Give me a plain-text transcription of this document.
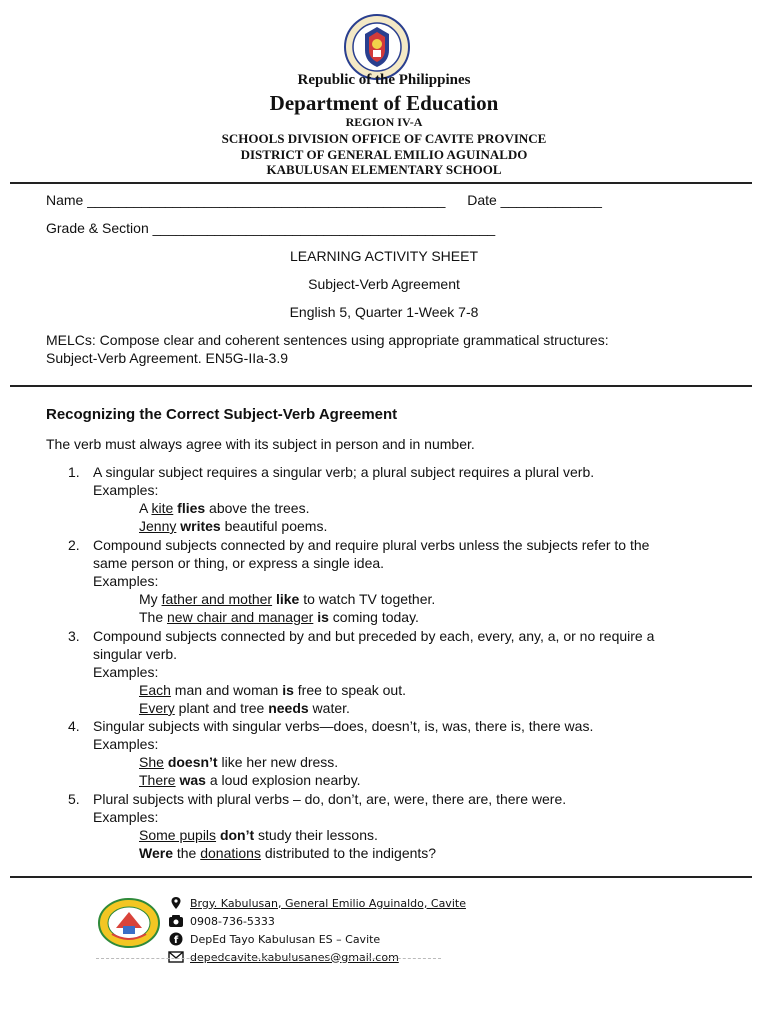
Republic of the Philippines
Department of Education
REGION IV-A
SCHOOLS DIVISION OFFICE OF CAVITE PROVINCE
DISTRICT OF GENERAL EMILIO AGUINALDO
KABULUSAN ELEMENTARY SCHOOL
Name ______________________________________________ Date _____________
Grade & Section ____________________________________________
LEARNING ACTIVITY SHEET
Subject-Verb Agreement
English 5, Quarter 1-Week 7-8
MELCs: Compose clear and coherent sentences using appropriate grammatical structures:
Subject-Verb Agreement. EN5G-IIa-3.9
Recognizing the Correct Subject-Verb Agreement
The verb must always agree with its subject in person and in number.
1. A singular subject requires a singular verb; a plural subject requires a plural verb.
Examples:
A kite flies above the trees.
Jenny writes beautiful poems.
2. Compound subjects connected by and require plural verbs unless the subjects refer to the
same person or thing, or express a single idea.
Examples:
My father and mother like to watch TV together.
The new chair and manager is coming today.
3. Compound subjects connected by and but preceded by each, every, any, a, or no require a
singular verb.
Examples:
Each man and woman is free to speak out.
Every plant and tree needs water.
4. Singular subjects with singular verbs—does, doesn’t, is, was, there is, there was.
Examples:
She doesn’t like her new dress.
There was a loud explosion nearby.
5. Plural subjects with plural verbs – do, don’t, are, were, there are, there were.
Examples:
Some pupils don’t study their lessons.
Were the donations distributed to the indigents?
Brgy. Kabulusan, General Emilio Aguinaldo, Cavite
0908-736-5333
f DepEd Tayo Kabulusan ES – Cavite
depedcavite.kabulusanes@gmail.com
